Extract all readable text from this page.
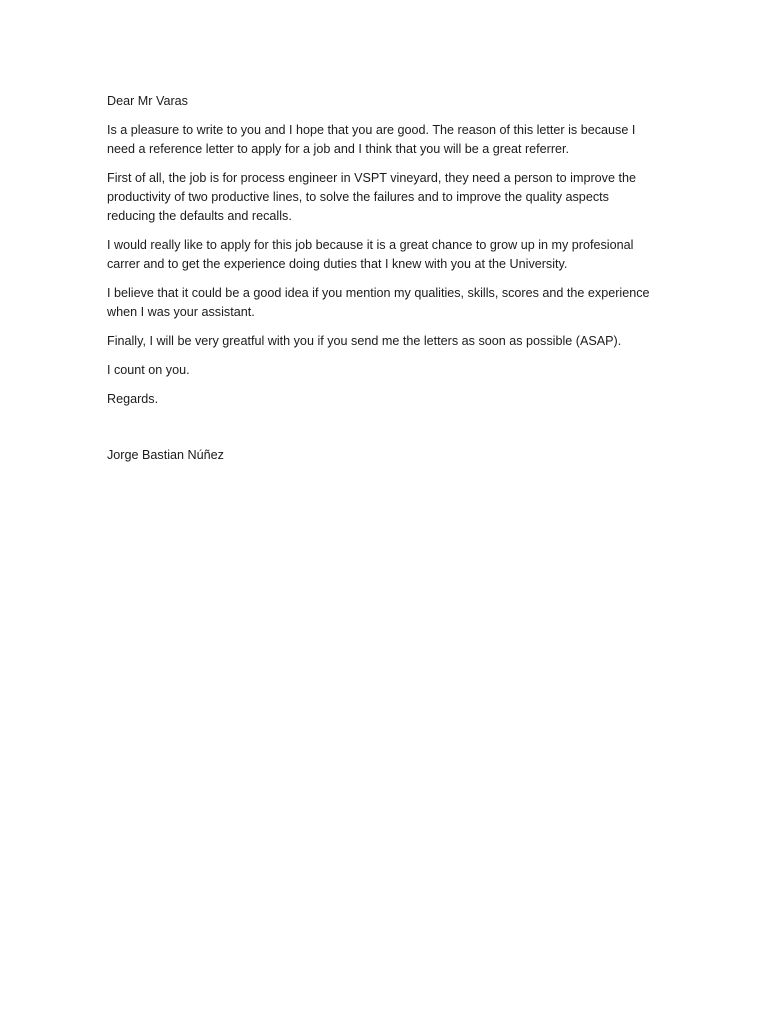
Dear Mr Varas

Is a pleasure to write to you and I hope that you are good. The reason of this letter is because I
need a reference letter to apply for a job and I think that you will be a great referrer.

First of all, the job is for process engineer in VSPT vineyard, they need a person to improve the
productivity of two productive lines, to solve the failures and to improve the quality aspects
reducing the defaults and recalls.

I would really like to apply for this job because it is a great chance to grow up in my profesional
carrer and to get the experience doing duties that I knew with you at the University.

I believe that it could be a good idea if you mention my qualities, skills, scores and the experience
when I was your assistant.

Finally, I will be very greatful with you if you send me the letters as soon as possible (ASAP).

I count on you.

Regards.

Jorge Bastian Núñez
